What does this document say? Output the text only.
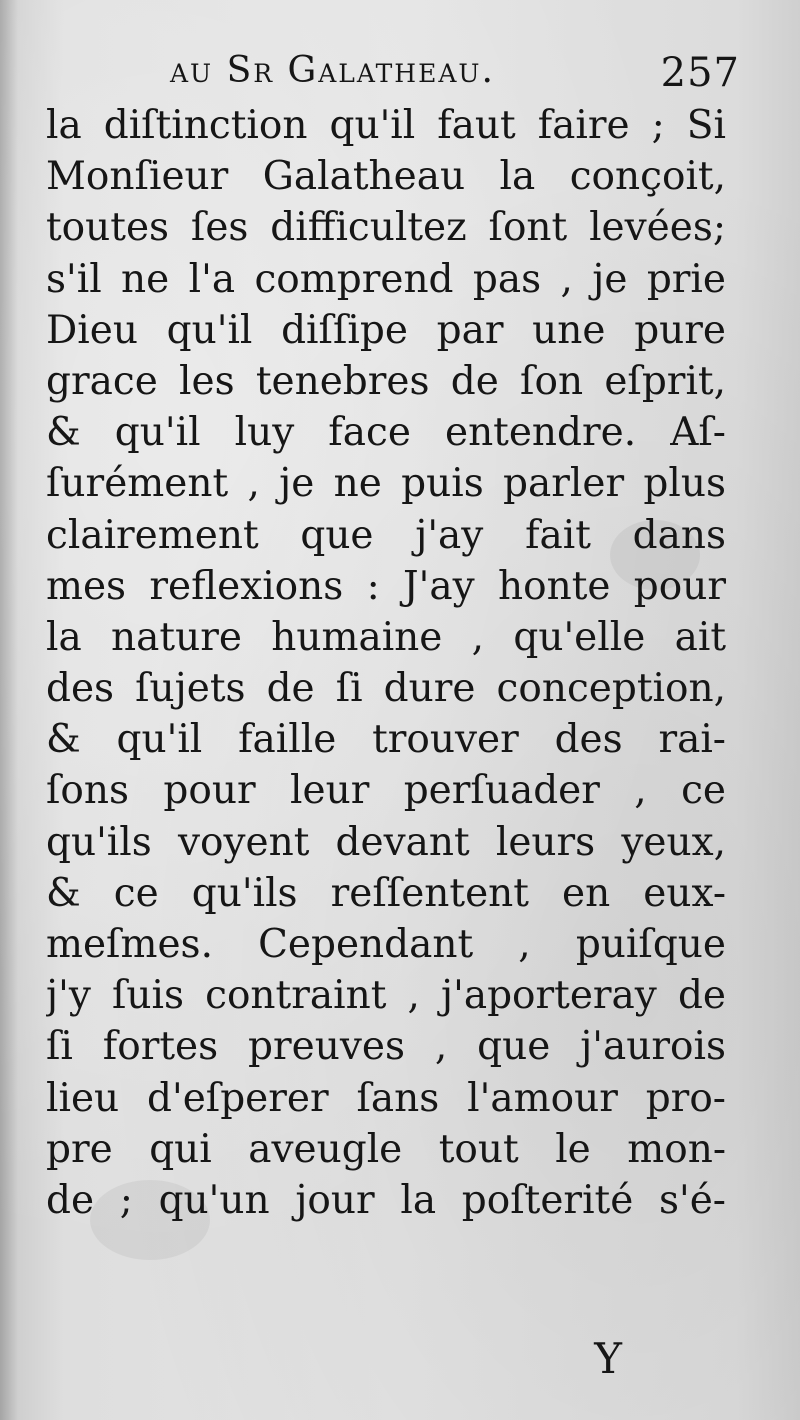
au Sr Galatheau.	257
la diſtinction qu'il faut faire ; Si
Monſieur Galatheau la conçoit,
toutes ſes difficultez ſont levées;
s'il ne l'a comprend pas , je prie
Dieu qu'il diſſipe par une pure
grace les tenebres de ſon eſprit,
& qu'il luy face entendre. Aſ-
ſurément , je ne puis parler plus
clairement que j'ay fait dans
mes reflexions : J'ay honte pour
la nature humaine , qu'elle ait
des ſujets de ſi dure conception,
& qu'il faille trouver des rai-
ſons pour leur perſuader , ce
qu'ils voyent devant leurs yeux,
& ce qu'ils reſſentent en eux-
meſmes. Cependant , puiſque
j'y ſuis contraint , j'aporteray de
ſi fortes preuves , que j'aurois
lieu d'eſperer ſans l'amour pro-
pre qui aveugle tout le mon-
de ; qu'un jour la poſterité s'é-
Y
